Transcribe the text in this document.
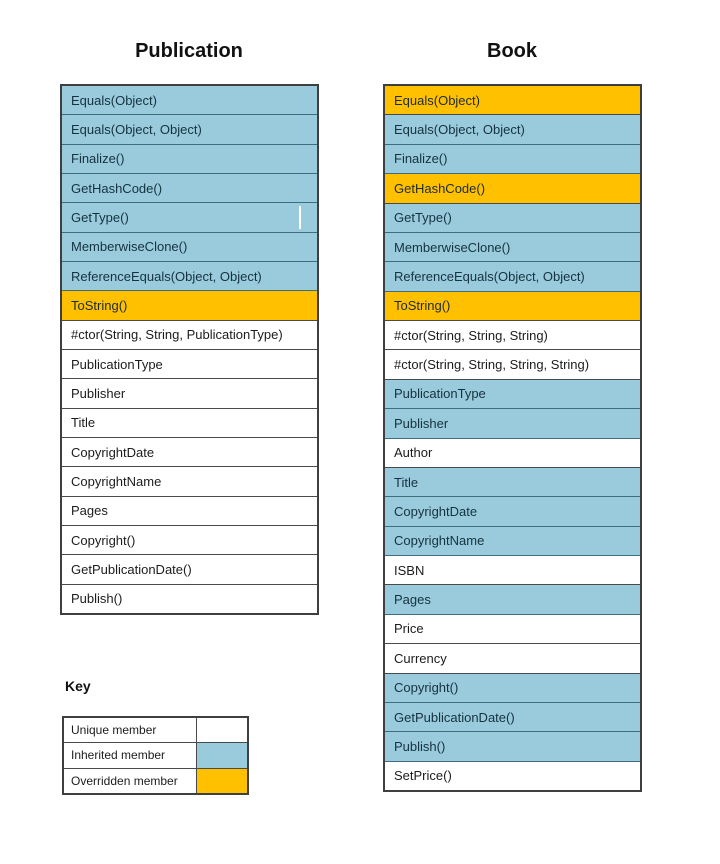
Publication	Book
Equals(Object)
Equals(Object, Object)
Finalize()
GetHashCode()
GetType()
MemberwiseClone()
ReferenceEquals(Object, Object)
ToString()
#ctor(String, String, PublicationType)
PublicationType
Publisher
Title
CopyrightDate
CopyrightName
Pages
Copyright()
GetPublicationDate()
Publish()
Equals(Object)
Equals(Object, Object)
Finalize()
GetHashCode()
GetType()
MemberwiseClone()
ReferenceEquals(Object, Object)
ToString()
#ctor(String, String, String)
#ctor(String, String, String, String)
PublicationType
Publisher
Author
Title
CopyrightDate
CopyrightName
ISBN
Pages
Price
Currency
Copyright()
GetPublicationDate()
Publish()
SetPrice()
Key
Unique member
Inherited member
Overridden member
